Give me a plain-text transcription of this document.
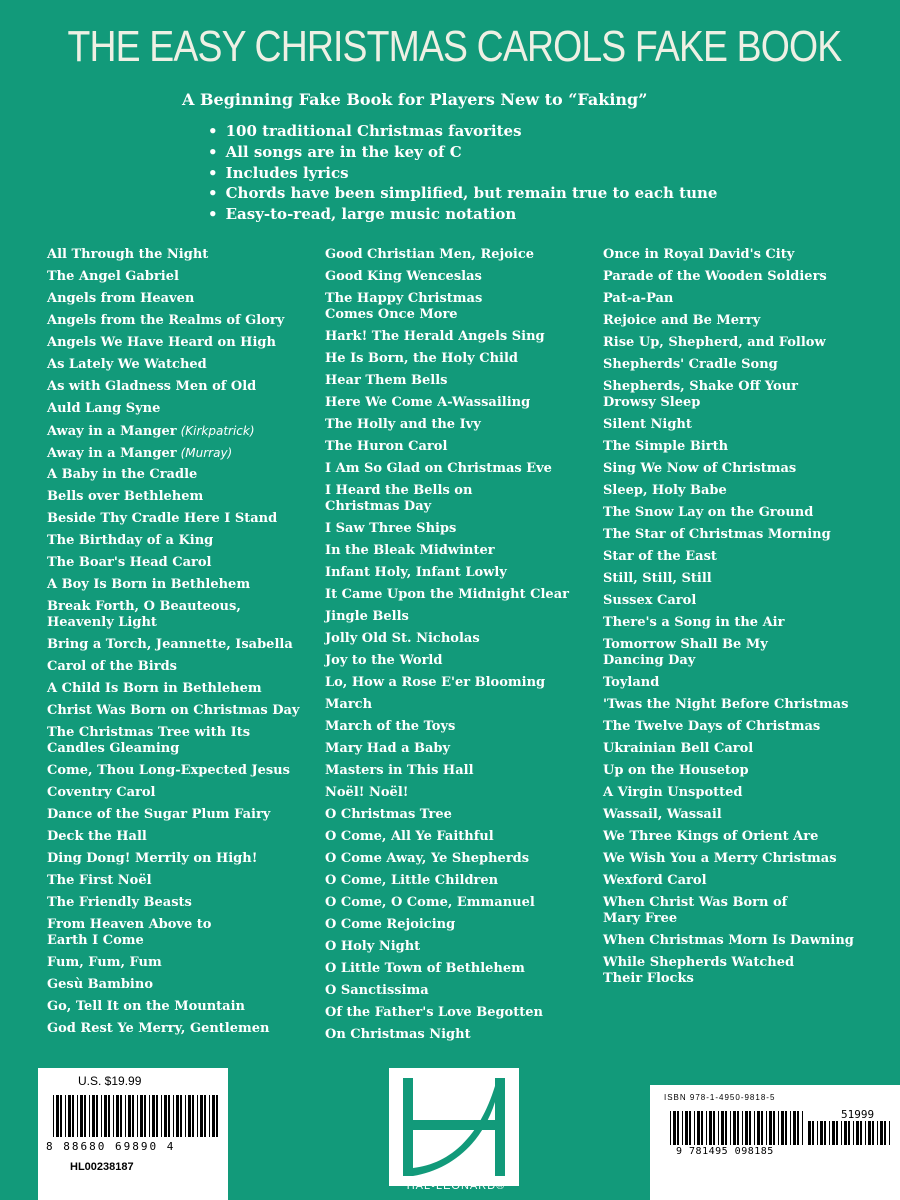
THE EASY CHRISTMAS CAROLS FAKE BOOK
A Beginning Fake Book for Players New to “Faking”
• 100 traditional Christmas favorites
• All songs are in the key of C
• Includes lyrics
• Chords have been simplified, but remain true to each tune
• Easy-to-read, large music notation
All Through the Night
The Angel Gabriel
Angels from Heaven
Angels from the Realms of Glory
Angels We Have Heard on High
As Lately We Watched
As with Gladness Men of Old
Auld Lang Syne
Away in a Manger (Kirkpatrick)
Away in a Manger (Murray)
A Baby in the Cradle
Bells over Bethlehem
Beside Thy Cradle Here I Stand
The Birthday of a King
The Boar's Head Carol
A Boy Is Born in Bethlehem
Break Forth, O Beauteous,
Heavenly Light
Bring a Torch, Jeannette, Isabella
Carol of the Birds
A Child Is Born in Bethlehem
Christ Was Born on Christmas Day
The Christmas Tree with Its
Candles Gleaming
Come, Thou Long-Expected Jesus
Coventry Carol
Dance of the Sugar Plum Fairy
Deck the Hall
Ding Dong! Merrily on High!
The First Noël
The Friendly Beasts
From Heaven Above to
Earth I Come
Fum, Fum, Fum
Gesù Bambino
Go, Tell It on the Mountain
God Rest Ye Merry, Gentlemen
Good Christian Men, Rejoice
Good King Wenceslas
The Happy Christmas
Comes Once More
Hark! The Herald Angels Sing
He Is Born, the Holy Child
Hear Them Bells
Here We Come A-Wassailing
The Holly and the Ivy
The Huron Carol
I Am So Glad on Christmas Eve
I Heard the Bells on
Christmas Day
I Saw Three Ships
In the Bleak Midwinter
Infant Holy, Infant Lowly
It Came Upon the Midnight Clear
Jingle Bells
Jolly Old St. Nicholas
Joy to the World
Lo, How a Rose E'er Blooming
March
March of the Toys
Mary Had a Baby
Masters in This Hall
Noël! Noël!
O Christmas Tree
O Come, All Ye Faithful
O Come Away, Ye Shepherds
O Come, Little Children
O Come, O Come, Emmanuel
O Come Rejoicing
O Holy Night
O Little Town of Bethlehem
O Sanctissima
Of the Father's Love Begotten
On Christmas Night
Once in Royal David's City
Parade of the Wooden Soldiers
Pat-a-Pan
Rejoice and Be Merry
Rise Up, Shepherd, and Follow
Shepherds' Cradle Song
Shepherds, Shake Off Your
Drowsy Sleep
Silent Night
The Simple Birth
Sing We Now of Christmas
Sleep, Holy Babe
The Snow Lay on the Ground
The Star of Christmas Morning
Star of the East
Still, Still, Still
Sussex Carol
There's a Song in the Air
Tomorrow Shall Be My
Dancing Day
Toyland
'Twas the Night Before Christmas
The Twelve Days of Christmas
Ukrainian Bell Carol
Up on the Housetop
A Virgin Unspotted
Wassail, Wassail
We Three Kings of Orient Are
We Wish You a Merry Christmas
Wexford Carol
When Christ Was Born of
Mary Free
When Christmas Morn Is Dawning
While Shepherds Watched
Their Flocks
U.S. $19.99
8 88680 69890 4
HL00238187
HAL•LEONARD®
ISBN 978-1-4950-9818-5
51999
9 781495 098185
